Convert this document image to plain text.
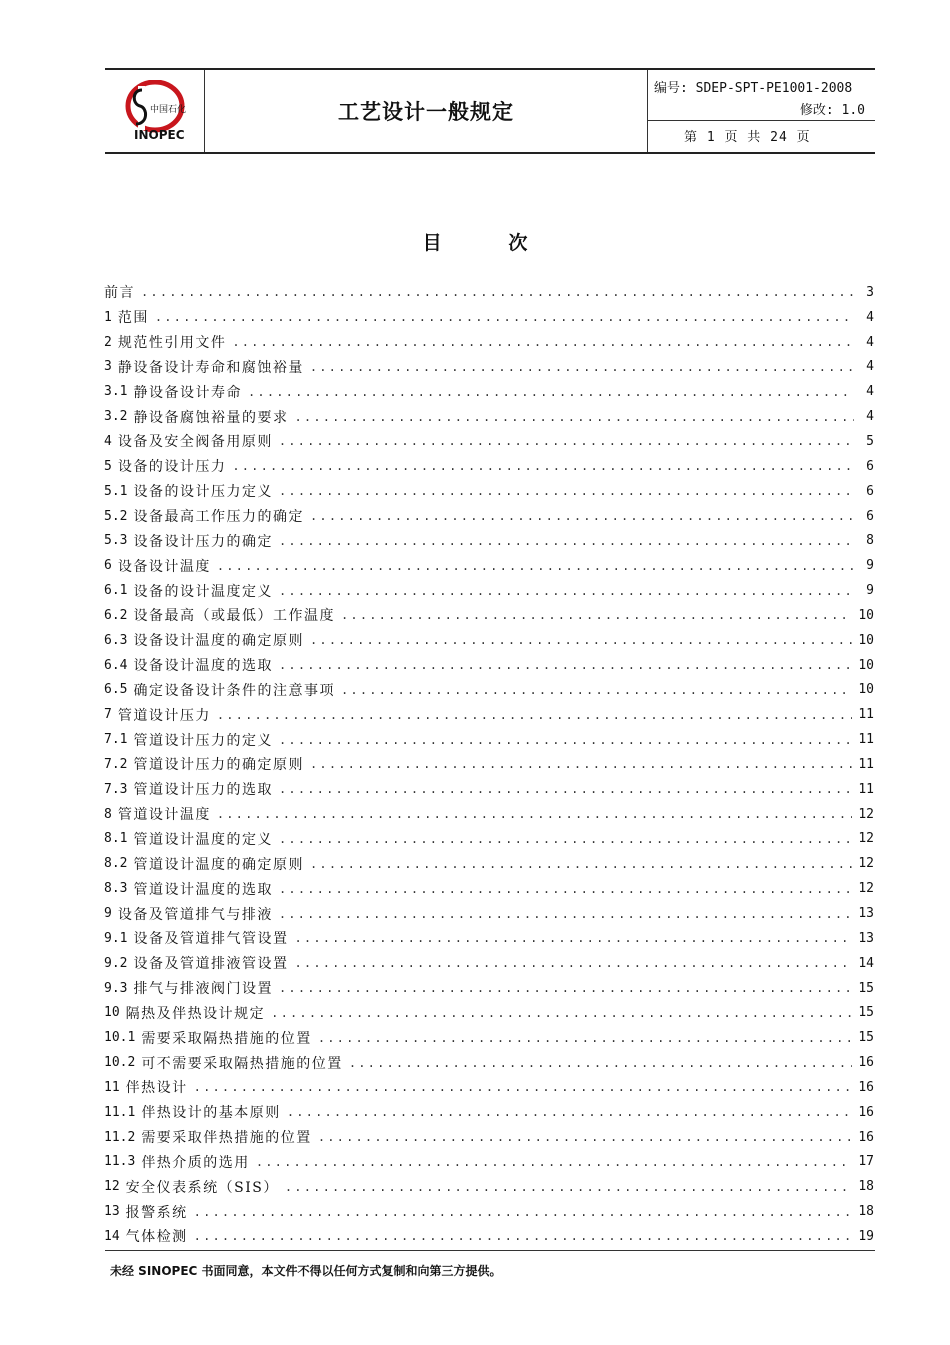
中国石化
INOPEC
工艺设计一般规定
编号: SDEP-SPT-PE1001-2008
修改: 1.0
第 1 页 共 24 页
目	次
前言 .....	3
1 范围 .....	4
2 规范性引用文件 .....	4
3 静设备设计寿命和腐蚀裕量 .....	4
3.1 静设备设计寿命 .....	4
3.2 静设备腐蚀裕量的要求 .....	4
4 设备及安全阀备用原则 .....	5
5 设备的设计压力 .....	6
5.1 设备的设计压力定义 .....	6
5.2 设备最高工作压力的确定 .....	6
5.3 设备设计压力的确定 .....	8
6 设备设计温度 .....	9
6.1 设备的设计温度定义 .....	9
6.2 设备最高（或最低）工作温度 .....	10
6.3 设备设计温度的确定原则 .....	10
6.4 设备设计温度的选取 .....	10
6.5 确定设备设计条件的注意事项 .....	10
7 管道设计压力 .....	11
7.1 管道设计压力的定义 .....	11
7.2 管道设计压力的确定原则 .....	11
7.3 管道设计压力的选取 .....	11
8 管道设计温度 .....	12
8.1 管道设计温度的定义 .....	12
8.2 管道设计温度的确定原则 .....	12
8.3 管道设计温度的选取 .....	12
9 设备及管道排气与排液 .....	13
9.1 设备及管道排气管设置 .....	13
9.2 设备及管道排液管设置 .....	14
9.3 排气与排液阀门设置 .....	15
10 隔热及伴热设计规定 .....	15
10.1 需要采取隔热措施的位置 .....	15
10.2 可不需要采取隔热措施的位置 .....	16
11 伴热设计 .....	16
11.1 伴热设计的基本原则 .....	16
11.2 需要采取伴热措施的位置 .....	16
11.3 伴热介质的选用 .....	17
12 安全仪表系统（SIS） .....	18
13 报警系统 .....	18
14 气体检测 .....	19
未经 SINOPEC 书面同意，本文件不得以任何方式复制和向第三方提供。
